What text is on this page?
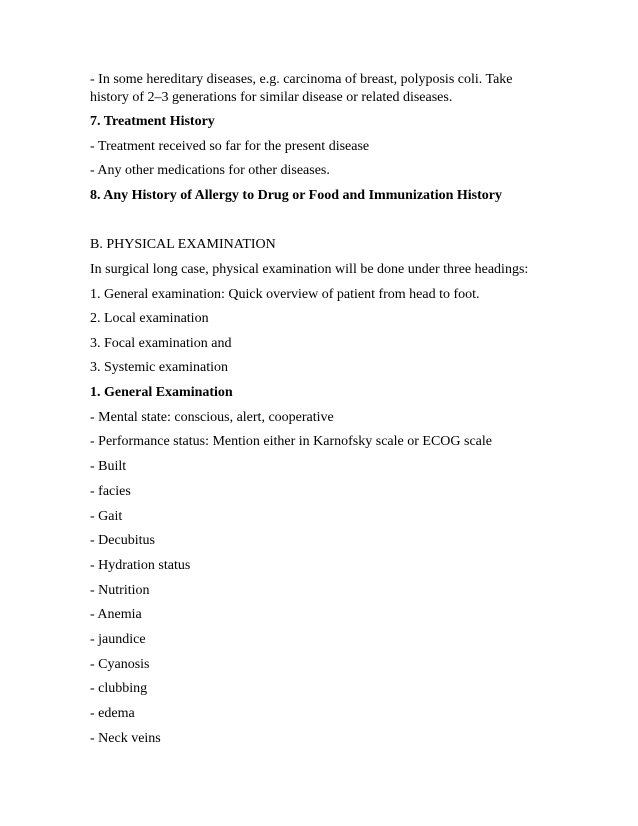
- In some hereditary diseases, e.g. carcinoma of breast, polyposis coli. Take
history of 2–3 generations for similar disease or related diseases.
7. Treatment History
- Treatment received so far for the present disease
- Any other medications for other diseases.
8. Any History of Allergy to Drug or Food and Immunization History
B. PHYSICAL EXAMINATION
In surgical long case, physical examination will be done under three headings:
1. General examination: Quick overview of patient from head to foot.
2. Local examination
3. Focal examination and
3. Systemic examination
1. General Examination
- Mental state: conscious, alert, cooperative
- Performance status: Mention either in Karnofsky scale or ECOG scale
- Built
- facies
- Gait
- Decubitus
- Hydration status
- Nutrition
- Anemia
- jaundice
- Cyanosis
- clubbing
- edema
- Neck veins
